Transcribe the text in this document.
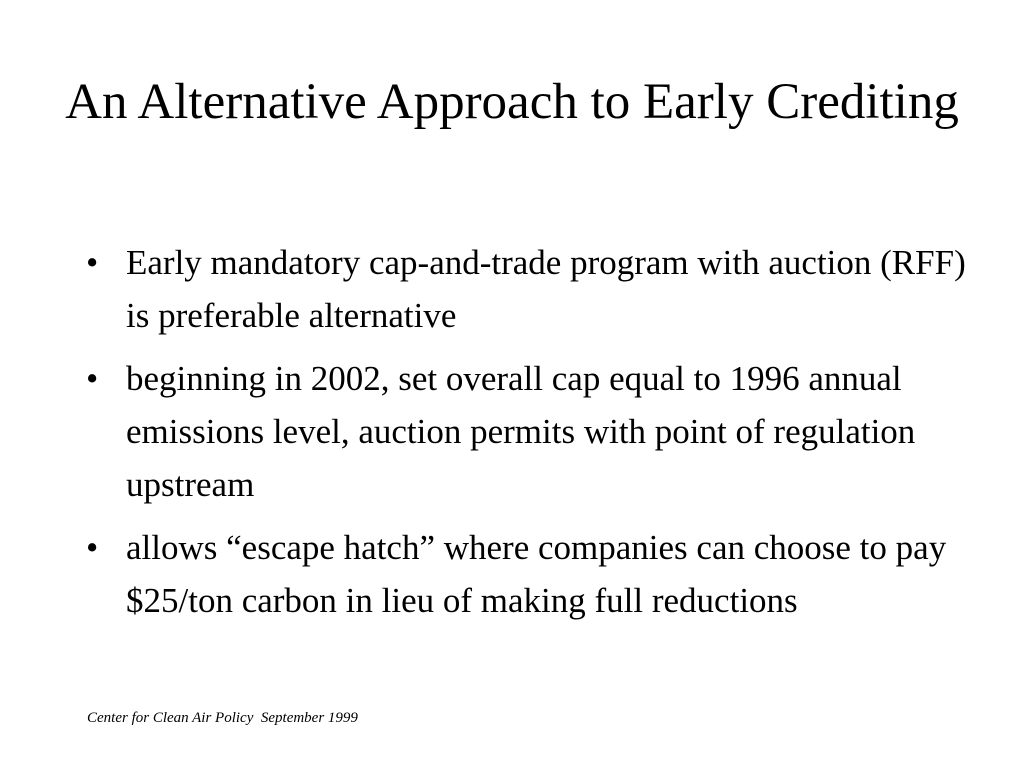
An Alternative Approach to Early Crediting
• Early mandatory cap-and-trade program with auction (RFF) is preferable alternative
• beginning in 2002, set overall cap equal to 1996 annual emissions level, auction permits with point of regulation upstream
• allows “escape hatch” where companies can choose to pay $25/ton carbon in lieu of making full reductions
Center for Clean Air Policy  September 1999
